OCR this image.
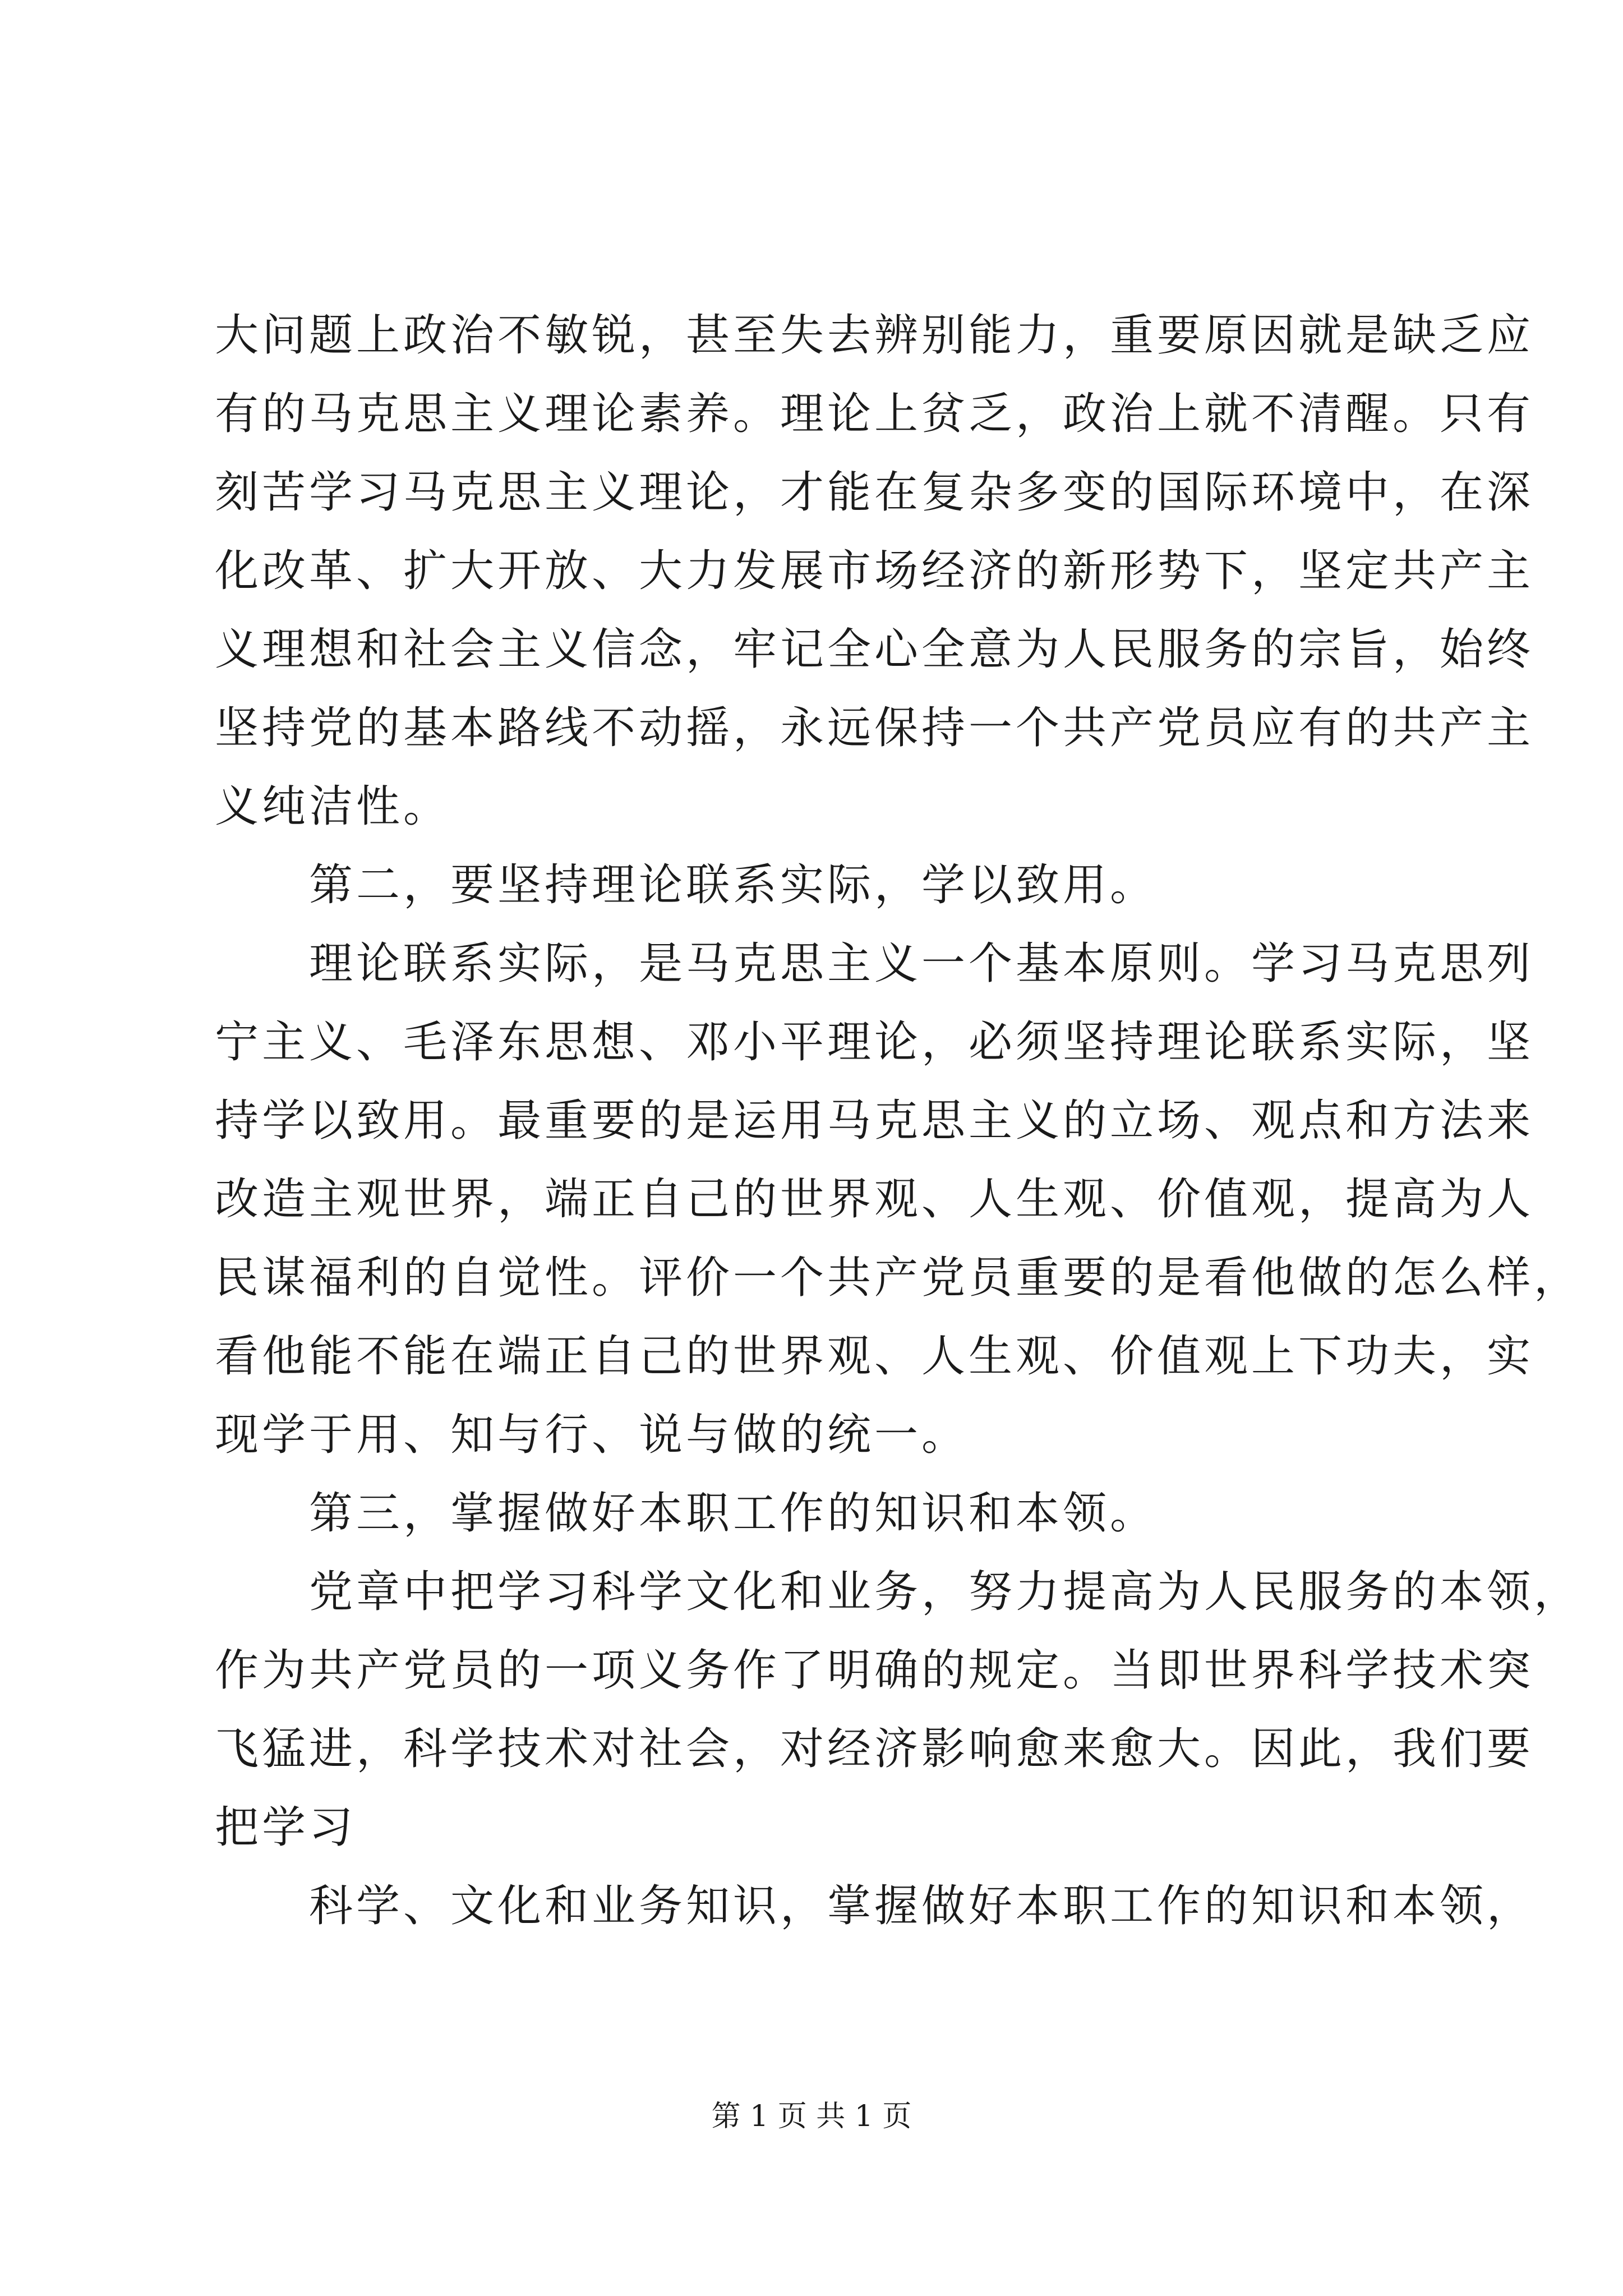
大问题上政治不敏锐，甚至失去辨别能力，重要原因就是缺乏应
有的马克思主义理论素养。理论上贫乏，政治上就不清醒。只有
刻苦学习马克思主义理论，才能在复杂多变的国际环境中，在深
化改革、扩大开放、大力发展市场经济的新形势下，坚定共产主
义理想和社会主义信念，牢记全心全意为人民服务的宗旨，始终
坚持党的基本路线不动摇，永远保持一个共产党员应有的共产主
义纯洁性。
第二，要坚持理论联系实际，学以致用。
理论联系实际，是马克思主义一个基本原则。学习马克思列
宁主义、毛泽东思想、邓小平理论，必须坚持理论联系实际，坚
持学以致用。最重要的是运用马克思主义的立场、观点和方法来
改造主观世界，端正自己的世界观、人生观、价值观，提高为人
民谋福利的自觉性。评价一个共产党员重要的是看他做的怎么样，
看他能不能在端正自己的世界观、人生观、价值观上下功夫，实
现学于用、知与行、说与做的统一。
第三，掌握做好本职工作的知识和本领。
党章中把学习科学文化和业务，努力提高为人民服务的本领，
作为共产党员的一项义务作了明确的规定。当即世界科学技术突
飞猛进，科学技术对社会，对经济影响愈来愈大。因此，我们要
把学习
科学、文化和业务知识，掌握做好本职工作的知识和本领，
第 1 页 共 1 页
